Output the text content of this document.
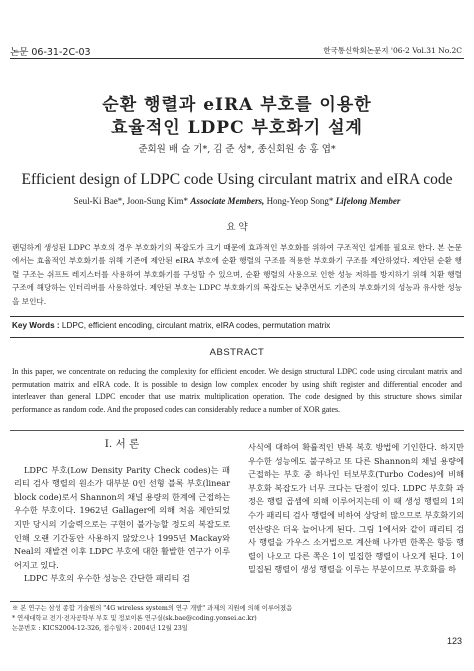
논문 06-31-2C-03	한국통신학회논문지 '06-2 Vol.31 No.2C
순환 행렬과 eIRA 부호를 이용한
효율적인 LDPC 부호화기 설계
준회원 배 슬 기*, 김 준 성*, 종신회원 송 홍 엽*
Efficient design of LDPC code Using circulant matrix and eIRA code
Seul-Ki Bae*, Joon-Sung Kim* Associate Members, Hong-Yeop Song* Lifelong Member
요 약
랜덤하게 생성된 LDPC 부호의 경우 부호화기의 복잡도가 크기 때문에 효과적인 부호화를 위하여 구조적인 설계를 필요로 한다. 본 논문에서는 효율적인 부호화기를 위해 기존에 제안된 eIRA 부호에 순환 행렬의 구조를 적용한 부호화기 구조를 제안하였다. 제안된 순환 행렬 구조는 쉬프트 레지스터를 사용하여 부호화기를 구성할 수 있으며, 순환 행렬의 사용으로 인한 성능 저하를 방지하기 위해 치환 행렬 구조에 해당하는 인터리버를 사용하였다. 제안된 부호는 LDPC 부호화기의 복잡도는 낮추면서도 기존의 부호화기의 성능과 유사한 성능을 보인다.
Key Words : LDPC, efficient encoding, circulant matrix, eIRA codes, permutation matrix
ABSTRACT
In this paper, we concentrate on reducing the complexity for efficient encoder. We design structural LDPC code using circulant matrix and permutation matrix and eIRA code. It is possible to design low complex encoder by using shift register and differential encoder and interleaver than general LDPC encoder that use matrix multiplication operation. The code designed by this structure shows similar performance as random code. And the proposed codes can considerably reduce a number of XOR gates.
Ⅰ. 서 론

LDPC 부호(Low Density Parity Check codes)는 패리티 검사 행렬의 원소가 대부분 0인 선형 블록 부호(linear block code)로서 Shannon의 채널 용량의 한계에 근접하는 우수한 부호이다. 1962년 Gallager에 의해 처음 제안되었지만 당시의 기술력으로는 구현이 불가능할 정도의 복잡도로 인해 오랜 기간동안 사용하지 않았으나 1995년 Mackay와 Neal의 재발견 이후 LDPC 부호에 대한 활발한 연구가 이루어지고 있다.

LDPC 부호의 우수한 성능은 간단한 패리티 검

사식에 대하여 확률적인 반복 복호 방법에 기인한다. 하지만 우수한 성능에도 불구하고 또 다른 Shannon의 채널 용량에 근접하는 부호 중 하나인 터보부호(Turbo Codes)에 비해 부호화 복잡도가 너무 크다는 단점이 있다. LDPC 부호화 과정은 행렬 곱셈에 의해 이루어지는데 이 때 생성 행렬의 1의 수가 패리티 검사 행렬에 비하여 상당히 많으므로 부호화기의 연산량은 더욱 늘어나게 된다. 그림 1에서와 같이 패리티 검사 행렬을 가우스 소거법으로 계산해 나가면 한쪽은 항등 행렬이 나오고 다른 쪽은 1이 밀집한 행렬이 나오게 된다. 1이 밀집된 행렬이 생성 행렬을 이루는 부분이므로 부호화를 하

※ 본 연구는 삼성 종합 기술원의 "4G wireless system의 연구 개발" 과제의 지원에 의해 이루어졌음
* 연세대학교 전기·전자공학부 부호 및 정보이론 연구실(sk.bae@coding.yonsei.ac.kr)
논문번호 : KICS2004-12-326, 접수일자 : 2004년 12월 23일
123
